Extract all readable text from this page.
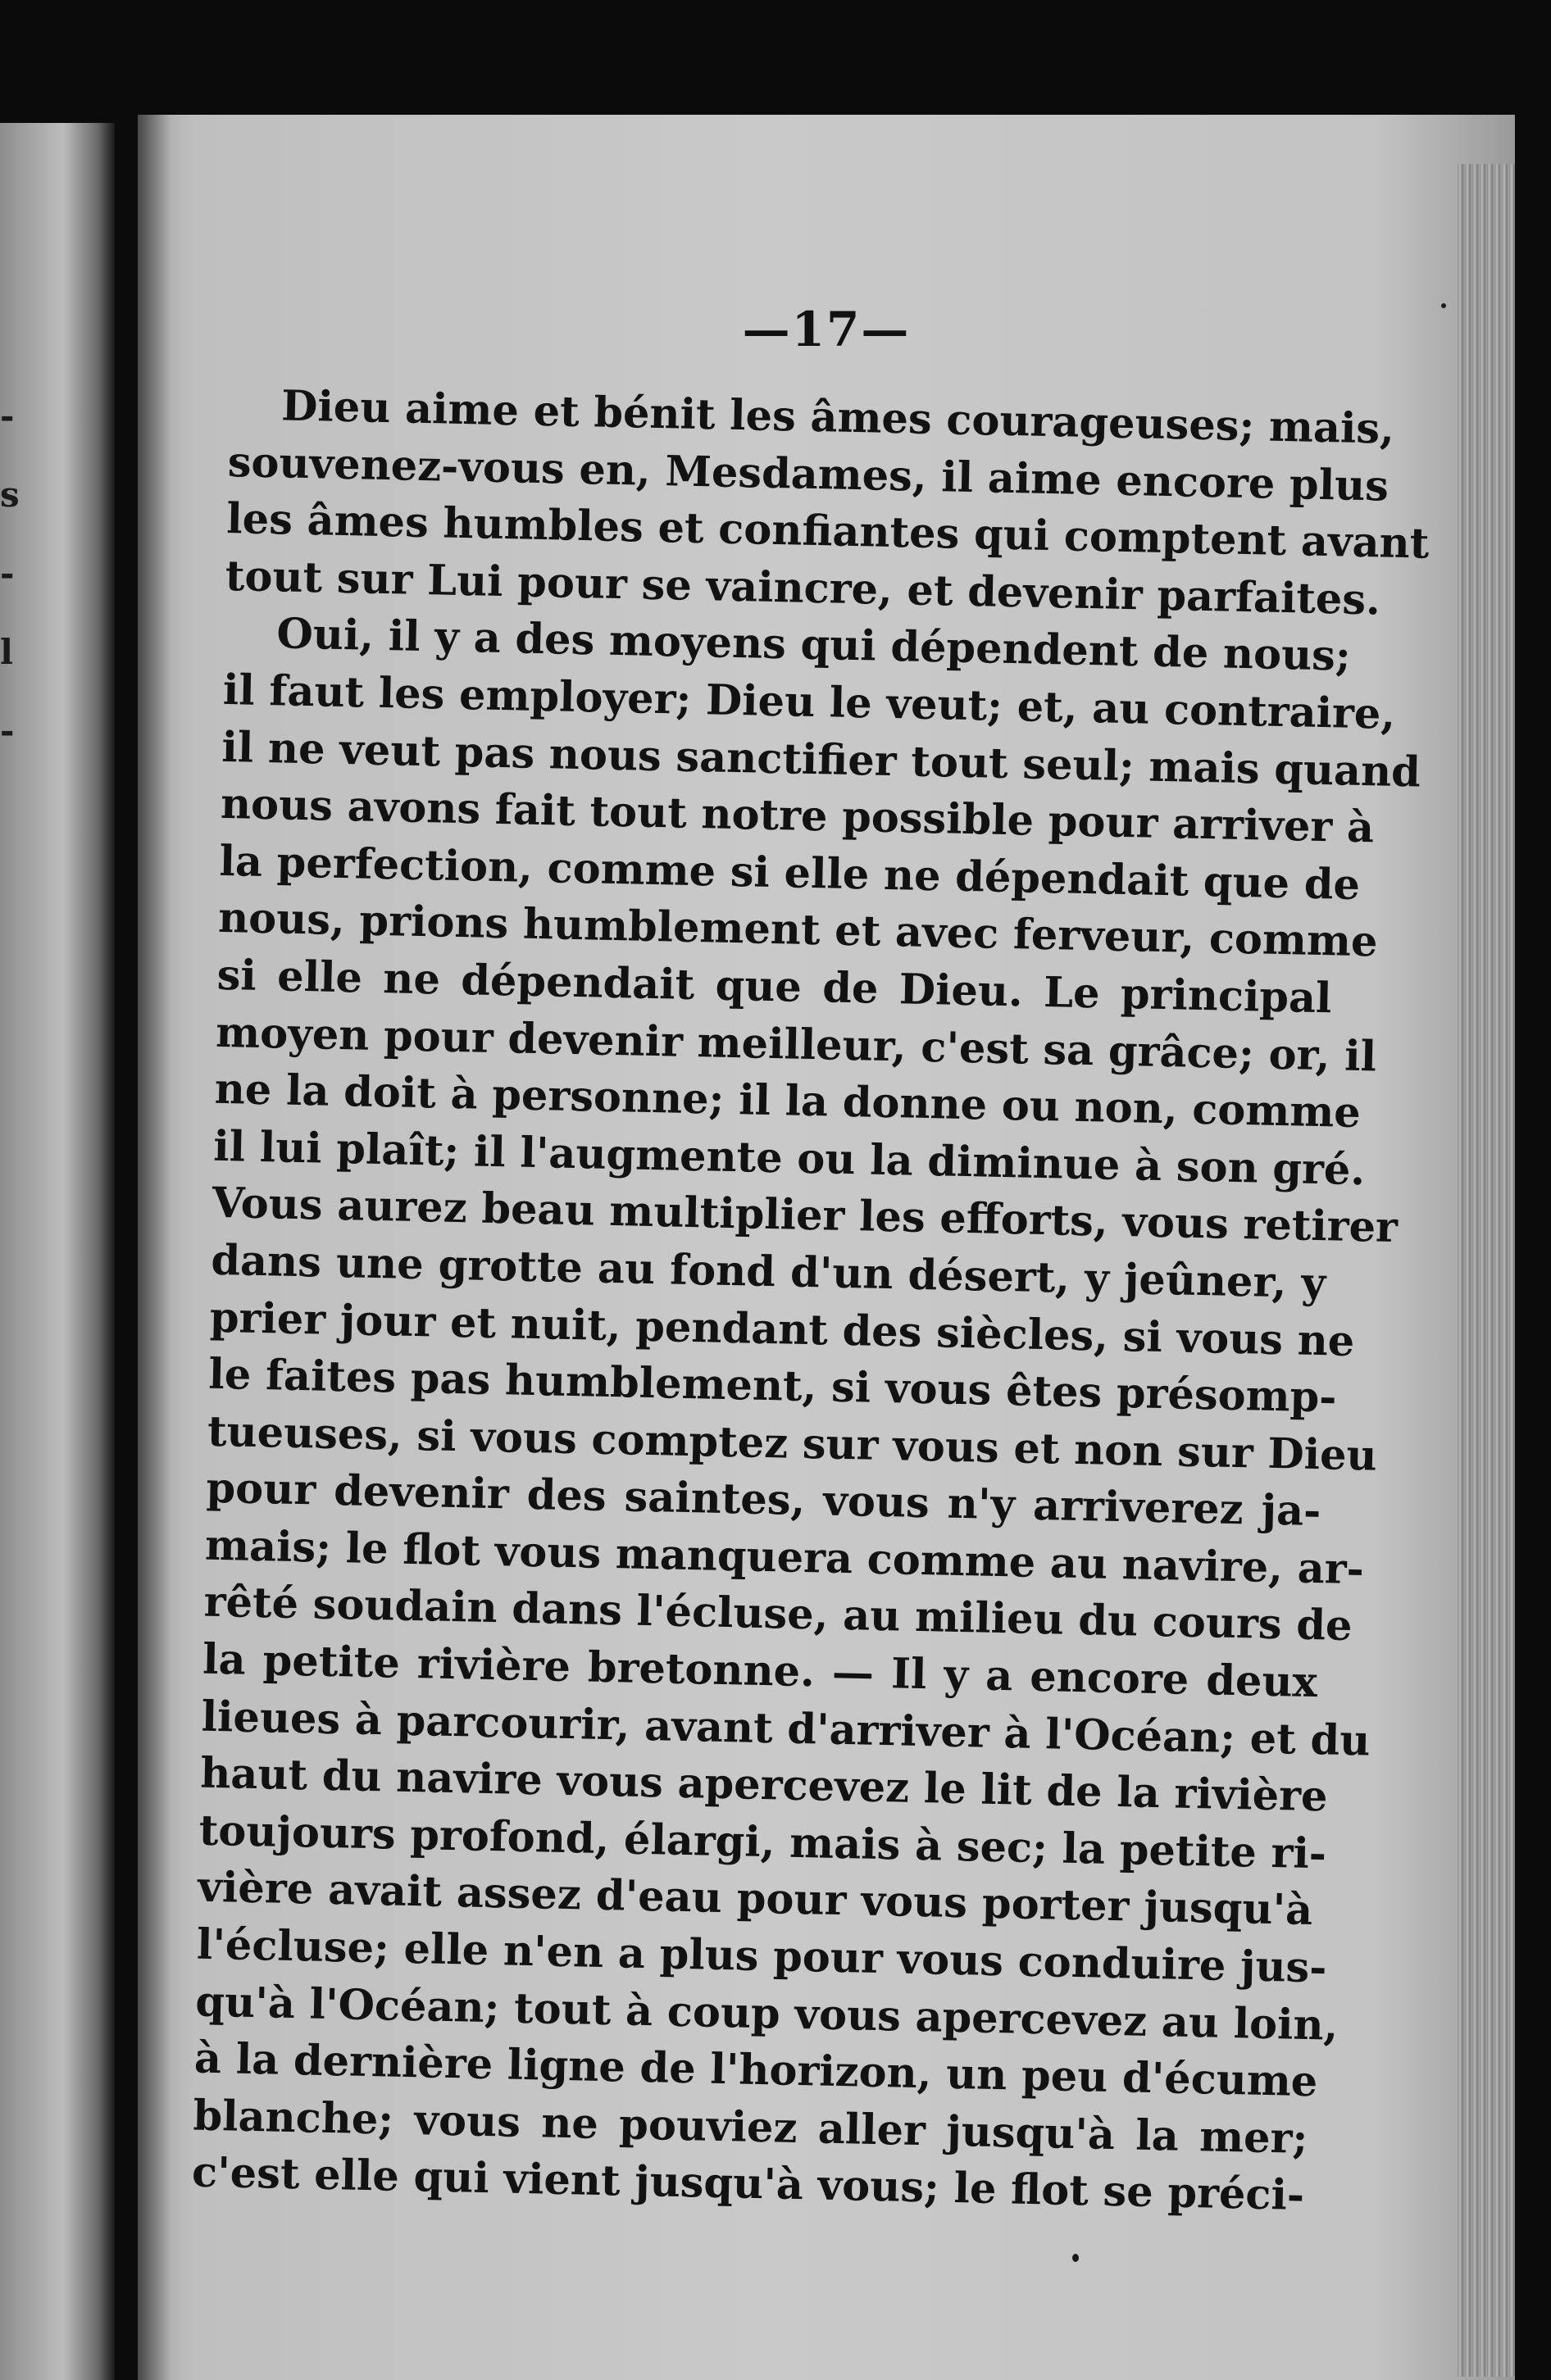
-
s
-
l
-
—17—

Dieu aime et bénit les âmes courageuses; mais,
souvenez-vous en, Mesdames, il aime encore plus
les âmes humbles et confiantes qui comptent avant
tout sur Lui pour se vaincre, et devenir parfaites.

Oui, il y a des moyens qui dépendent de nous;
il faut les employer; Dieu le veut; et, au contraire,
il ne veut pas nous sanctifier tout seul; mais quand
nous avons fait tout notre possible pour arriver à
la perfection, comme si elle ne dépendait que de
nous, prions humblement et avec ferveur, comme
si elle ne dépendait que de Dieu. Le principal
moyen pour devenir meilleur, c'est sa grâce; or, il
ne la doit à personne; il la donne ou non, comme
il lui plaît; il l'augmente ou la diminue à son gré.
Vous aurez beau multiplier les efforts, vous retirer
dans une grotte au fond d'un désert, y jeûner, y
prier jour et nuit, pendant des siècles, si vous ne
le faites pas humblement, si vous êtes présomp-
tueuses, si vous comptez sur vous et non sur Dieu
pour devenir des saintes, vous n'y arriverez ja-
mais; le flot vous manquera comme au navire, ar-
rêté soudain dans l'écluse, au milieu du cours de
la petite rivière bretonne. — Il y a encore deux
lieues à parcourir, avant d'arriver à l'Océan; et du
haut du navire vous apercevez le lit de la rivière
toujours profond, élargi, mais à sec; la petite ri-
vière avait assez d'eau pour vous porter jusqu'à
l'écluse; elle n'en a plus pour vous conduire jus-
qu'à l'Océan; tout à coup vous apercevez au loin,
à la dernière ligne de l'horizon, un peu d'écume
blanche; vous ne pouviez aller jusqu'à la mer;
c'est elle qui vient jusqu'à vous; le flot se préci-
